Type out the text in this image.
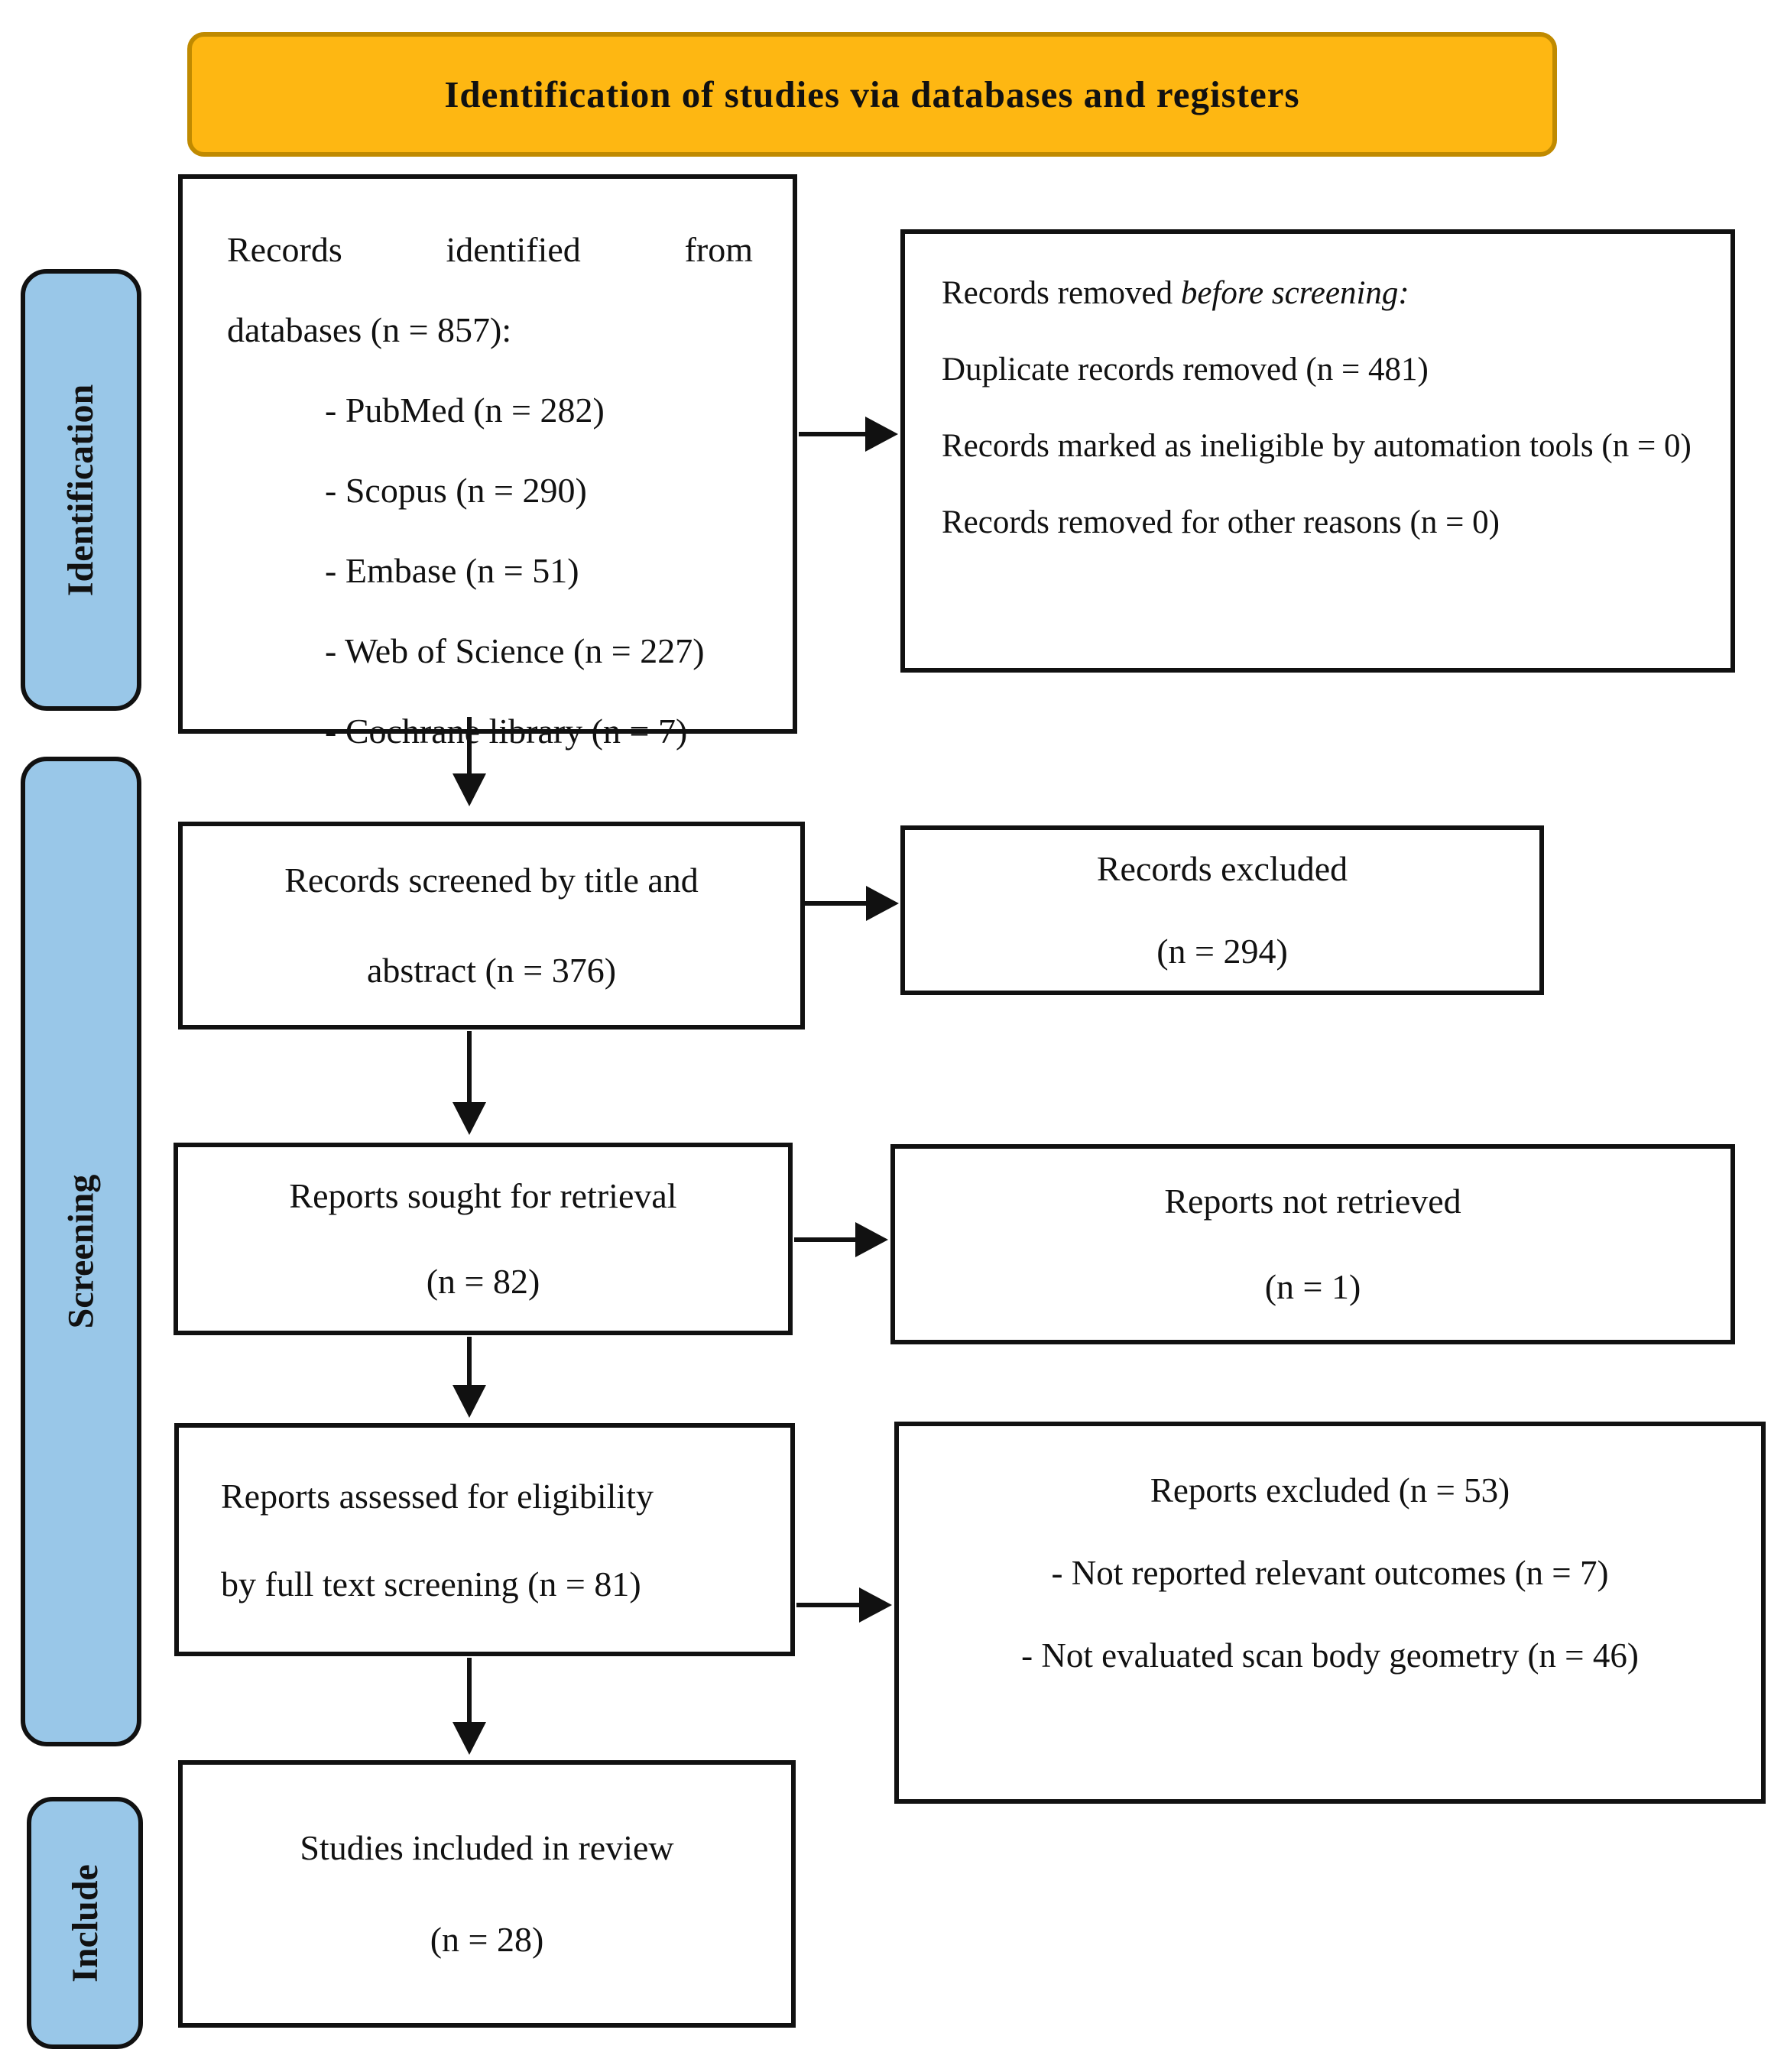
Identification of studies via databases and registers
Identification
Screening
Include
Records identified from
databases (n = 857):
- PubMed (n = 282)
- Scopus (n = 290)
- Embase (n = 51)
- Web of Science (n = 227)
- Cochrane library (n = 7)

Records removed before screening:

Duplicate records removed (n = 481)

Records marked as ineligible by automation tools (n = 0)

Records removed for other reasons (n = 0)

Records screened by title and
abstract (n = 376)
Records excluded
(n = 294)
Reports sought for retrieval
(n = 82)
Reports not retrieved
(n = 1)
Reports assessed for eligibility
by full text screening (n = 81)

Reports excluded (n = 53)

- Not reported relevant outcomes (n = 7)

- Not evaluated scan body geometry (n = 46)

Studies included in review
(n = 28)
